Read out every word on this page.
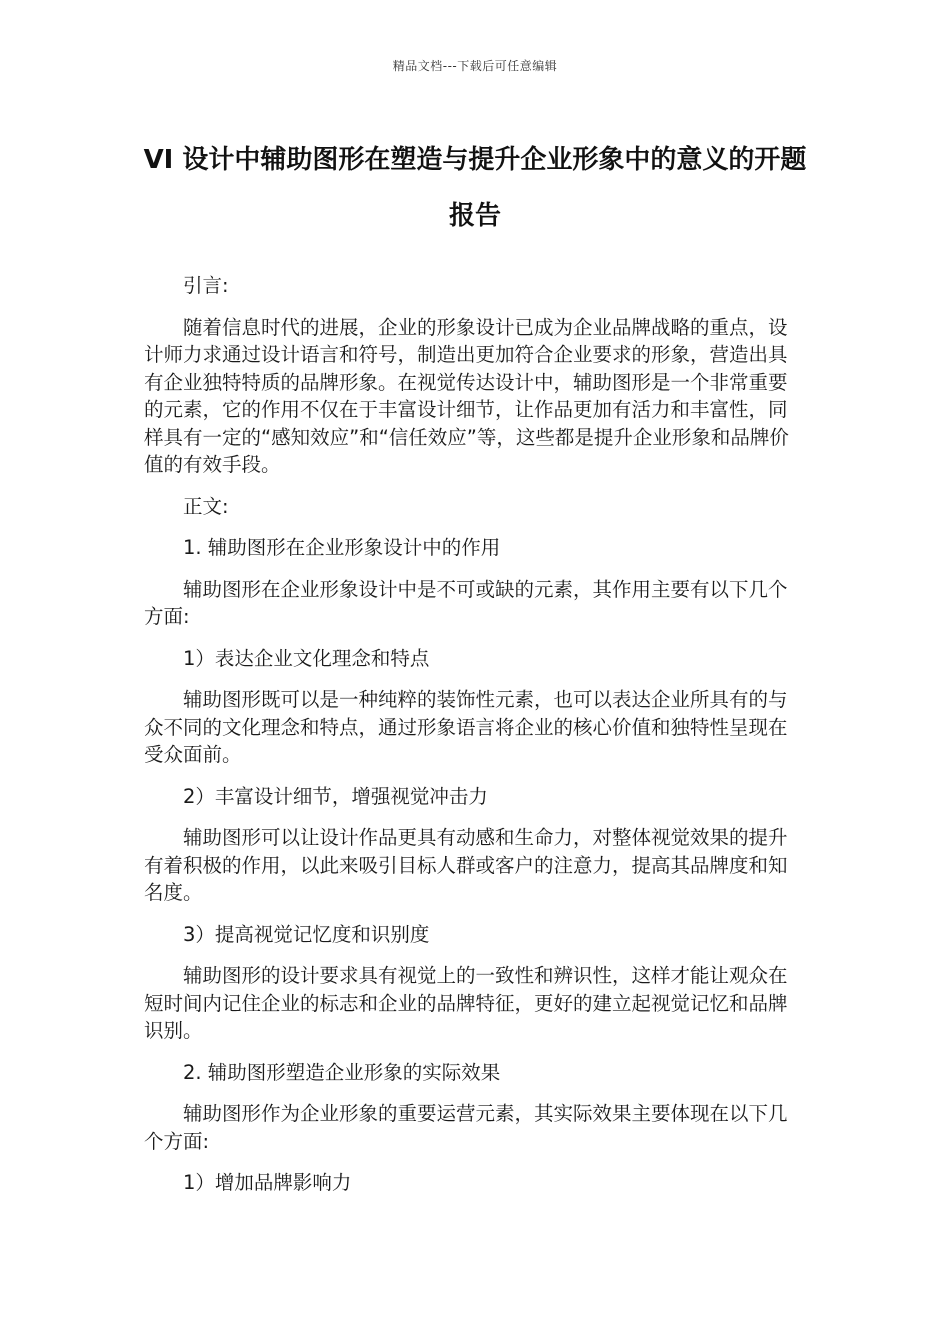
精品文档---下载后可任意编辑
VI 设计中辅助图形在塑造与提升企业形象中的意义的开题报告

引言:

随着信息时代的进展，企业的形象设计已成为企业品牌战略的重点，设计师力求通过设计语言和符号，制造出更加符合企业要求的形象，营造出具有企业独特特质的品牌形象。在视觉传达设计中，辅助图形是一个非常重要的元素，它的作用不仅在于丰富设计细节，让作品更加有活力和丰富性，同样具有一定的“感知效应”和“信任效应”等，这些都是提升企业形象和品牌价值的有效手段。

正文:

1. 辅助图形在企业形象设计中的作用

辅助图形在企业形象设计中是不可或缺的元素，其作用主要有以下几个方面:

1）表达企业文化理念和特点

辅助图形既可以是一种纯粹的装饰性元素，也可以表达企业所具有的与众不同的文化理念和特点，通过形象语言将企业的核心价值和独特性呈现在受众面前。

2）丰富设计细节，增强视觉冲击力

辅助图形可以让设计作品更具有动感和生命力，对整体视觉效果的提升有着积极的作用，以此来吸引目标人群或客户的注意力，提高其品牌度和知名度。

3）提高视觉记忆度和识别度

辅助图形的设计要求具有视觉上的一致性和辨识性，这样才能让观众在短时间内记住企业的标志和企业的品牌特征，更好的建立起视觉记忆和品牌识别。

2. 辅助图形塑造企业形象的实际效果

辅助图形作为企业形象的重要运营元素，其实际效果主要体现在以下几个方面:

1）增加品牌影响力
